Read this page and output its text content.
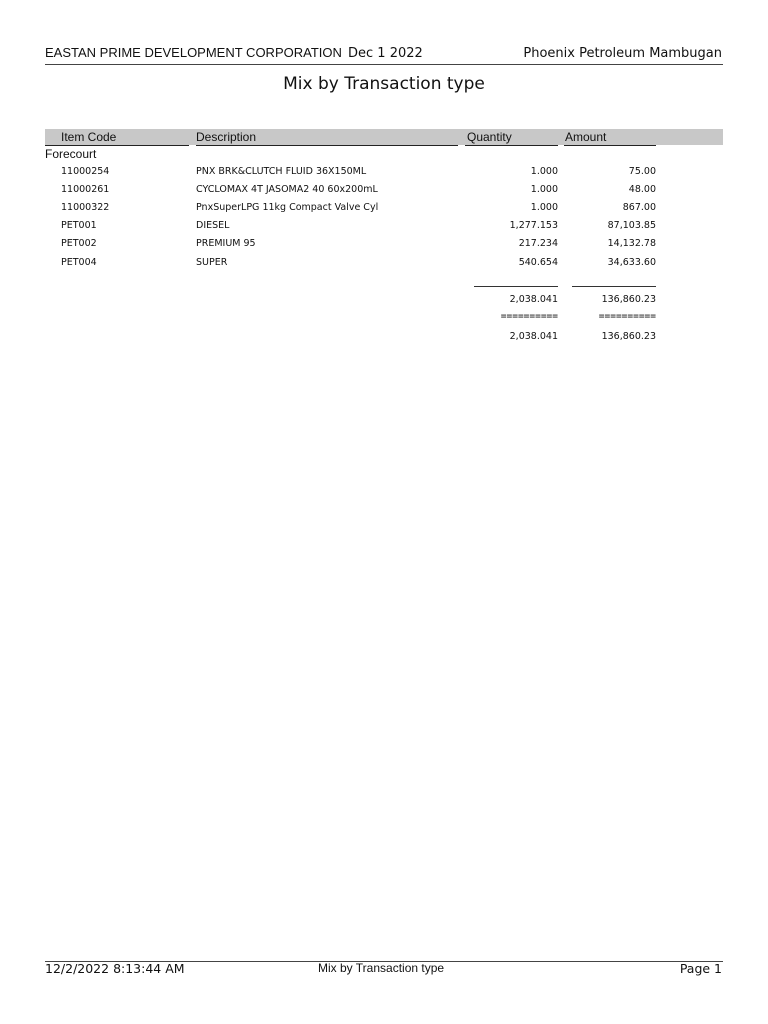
EASTAN PRIME DEVELOPMENT CORPORATION Dec 1 2022	Phoenix Petroleum Mambugan
Mix by Transaction type
Item Code	Description	Quantity	Amount
Forecourt
11000254	PNX BRK&CLUTCH FLUID 36X150ML	1.000	75.00
11000261	CYCLOMAX 4T JASOMA2 40 60x200mL	1.000	48.00
11000322	PnxSuperLPG 11kg Compact Valve Cyl	1.000	867.00
PET001	DIESEL	1,277.153	87,103.85
PET002	PREMIUM 95	217.234	14,132.78
PET004	SUPER	540.654	34,633.60
2,038.041	136,860.23
==========	==========
2,038.041	136,860.23
12/2/2022 8:13:44 AM	Mix by Transaction type	Page 1
